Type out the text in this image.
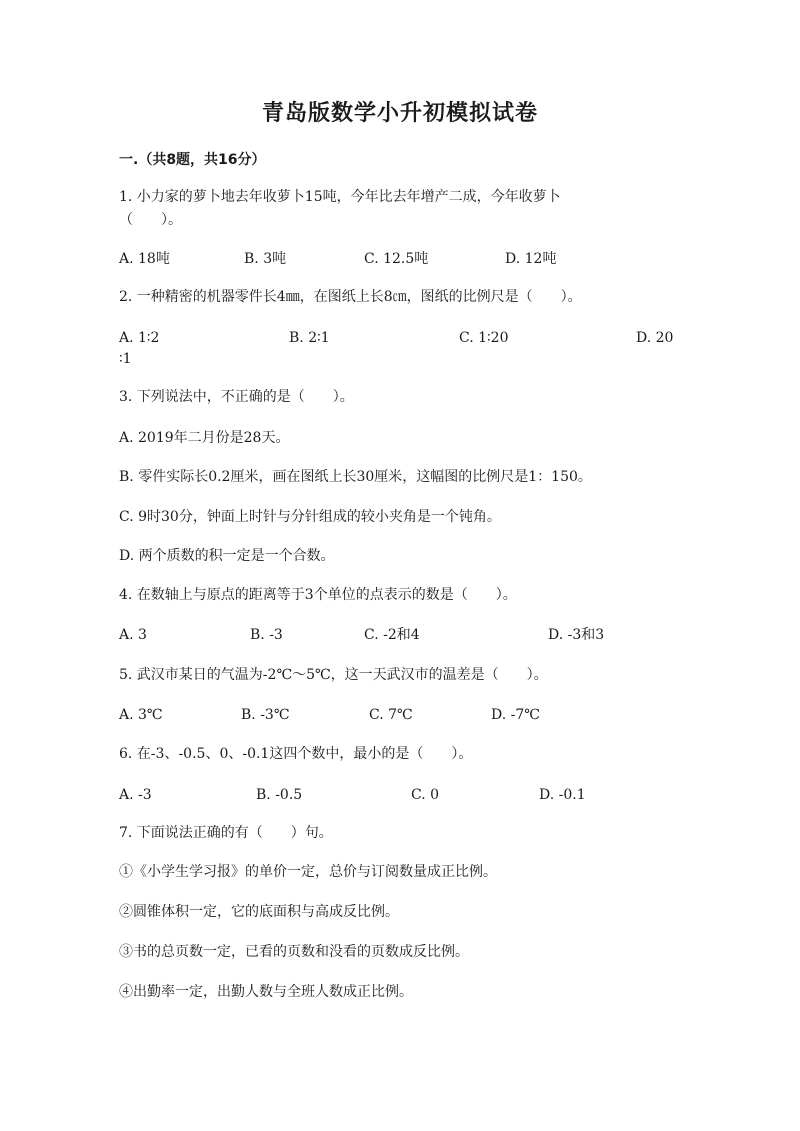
青岛版数学小升初模拟试卷
一.（共8题，共16分）
1. 小力家的萝卜地去年收萝卜15吨，今年比去年增产二成，今年收萝卜
（　　）。
A. 18吨	B. 3吨	C. 12.5吨	D. 12吨
2. 一种精密的机器零件长4㎜，在图纸上长8㎝，图纸的比例尺是（　　）。
A. 1∶2	B. 2∶1	C. 1∶20	D. 20
∶1
3. 下列说法中，不正确的是（　　）。
A. 2019年二月份是28天。
B. 零件实际长0.2厘米，画在图纸上长30厘米，这幅图的比例尺是1：150。
C. 9时30分，钟面上时针与分针组成的较小夹角是一个钝角。
D. 两个质数的积一定是一个合数。
4. 在数轴上与原点的距离等于3个单位的点表示的数是（　　）。
A. 3	B. -3	C. -2和4	D. -3和3
5. 武汉市某日的气温为-2℃～5℃，这一天武汉市的温差是（　　）。
A. 3℃	B. -3℃	C. 7℃	D. -7℃
6. 在-3、-0.5、0、-0.1这四个数中，最小的是（　　）。
A. -3	B. -0.5	C. 0	D. -0.1
7. 下面说法正确的有（　　）句。
①《小学生学习报》的单价一定，总价与订阅数量成正比例。
②圆锥体积一定，它的底面积与高成反比例。
③书的总页数一定，已看的页数和没看的页数成反比例。
④出勤率一定，出勤人数与全班人数成正比例。
